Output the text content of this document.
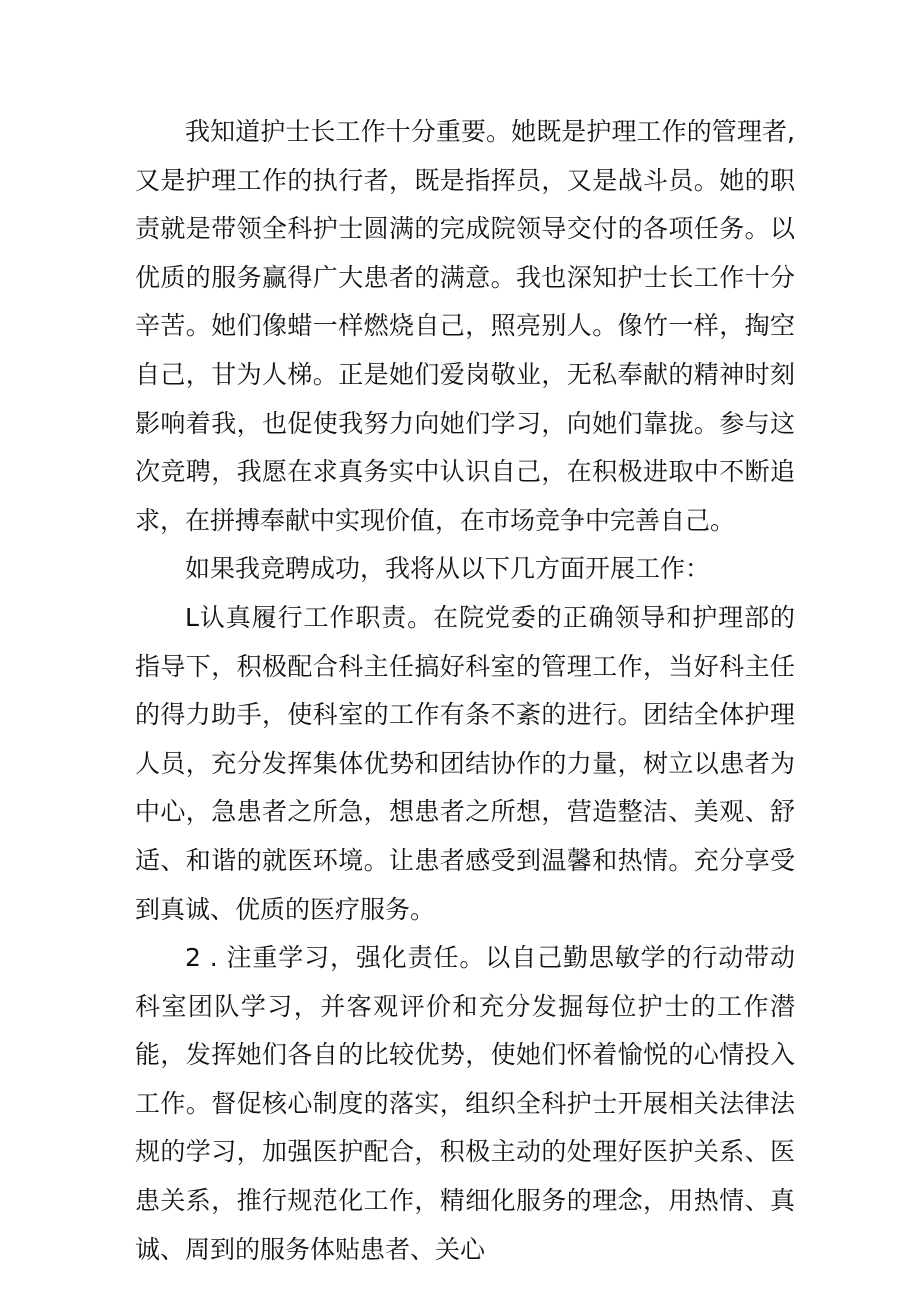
我知道护士长工作十分重要。她既是护理工作的管理者,又是护理工作的执行者，既是指挥员，又是战斗员。她的职责就是带领全科护士圆满的完成院领导交付的各项任务。以优质的服务赢得广大患者的满意。我也深知护士长工作十分辛苦。她们像蜡一样燃烧自己，照亮别人。像竹一样，掏空自己，甘为人梯。正是她们爱岗敬业，无私奉献的精神时刻影响着我，也促使我努力向她们学习，向她们靠拢。参与这次竞聘，我愿在求真务实中认识自己，在积极进取中不断追求，在拼搏奉献中实现价值，在市场竞争中完善自己。

如果我竞聘成功，我将从以下几方面开展工作：

L认真履行工作职责。在院党委的正确领导和护理部的指导下，积极配合科主任搞好科室的管理工作，当好科主任的得力助手，使科室的工作有条不紊的进行。团结全体护理人员，充分发挥集体优势和团结协作的力量，树立以患者为中心，急患者之所急，想患者之所想，营造整洁、美观、舒适、和谐的就医环境。让患者感受到温馨和热情。充分享受到真诚、优质的医疗服务。

2 . 注重学习，强化责任。以自己勤思敏学的行动带动科室团队学习，并客观评价和充分发掘每位护士的工作潜能，发挥她们各自的比较优势，使她们怀着愉悦的心情投入工作。督促核心制度的落实，组织全科护士开展相关法律法规的学习，加强医护配合，积极主动的处理好医护关系、医患关系，推行规范化工作，精细化服务的理念，用热情、真诚、周到的服务体贴患者、关心
